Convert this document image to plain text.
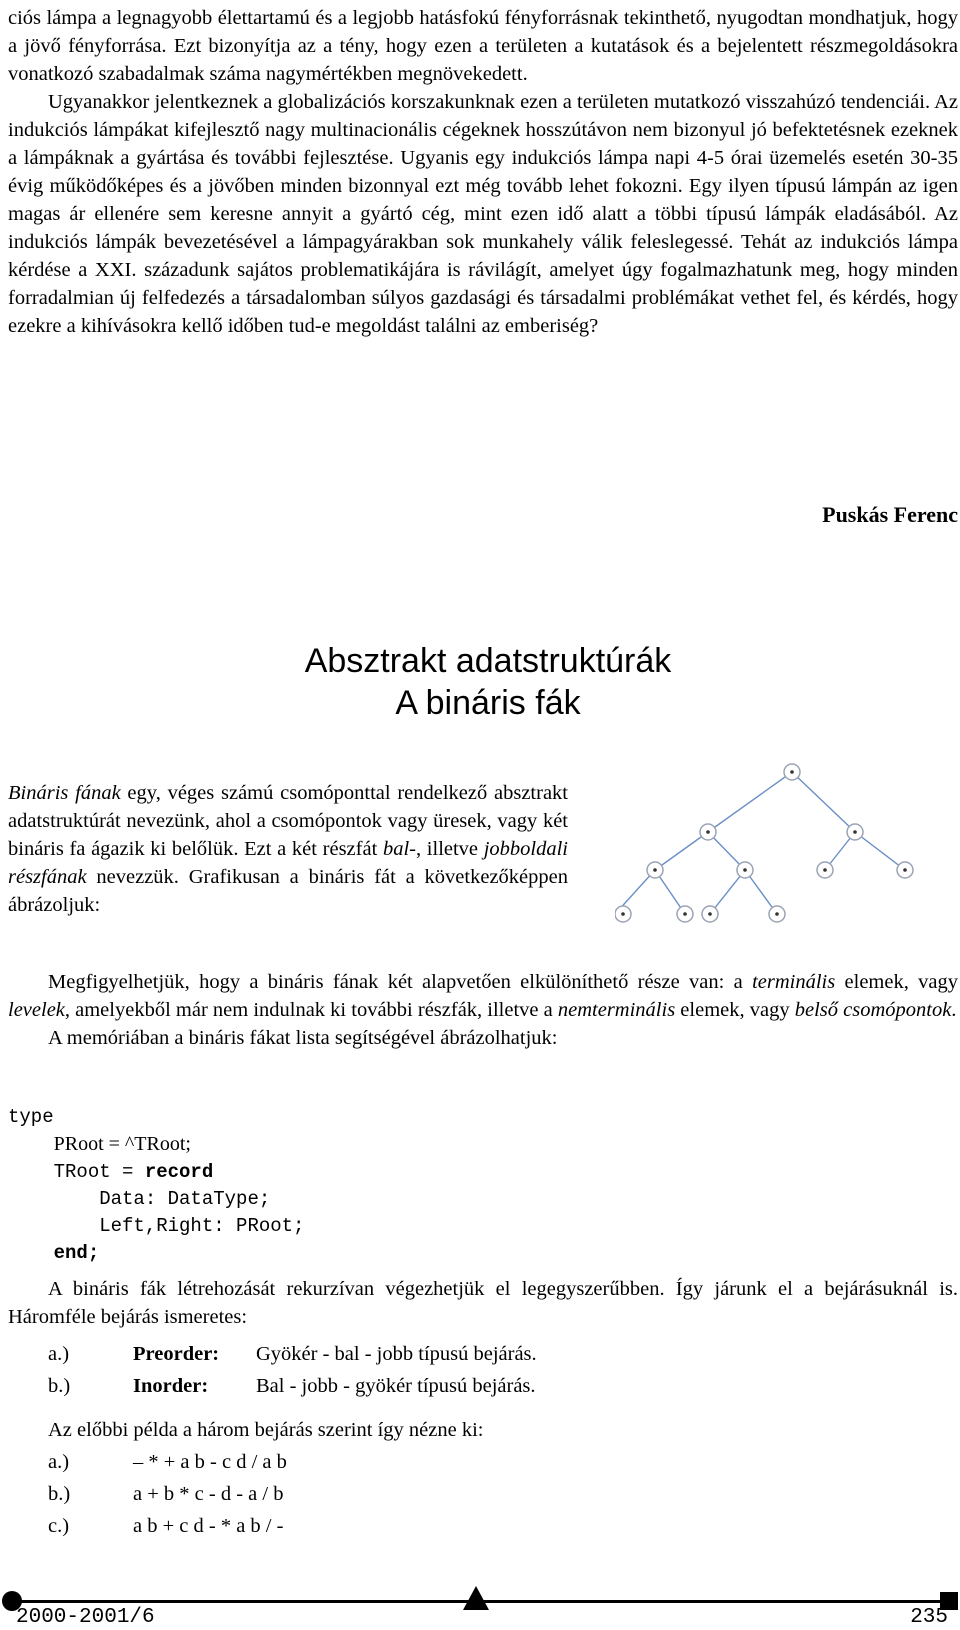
ciós lámpa a legnagyobb élettartamú és a legjobb hatásfokú fényforrásnak tekinthető, nyugodtan mondhatjuk, hogy a jövő fényforrása. Ezt bizonyítja az a tény, hogy ezen a területen a kutatások és a bejelentett részmegoldásokra vonatkozó szabadalmak száma nagymértékben megnövekedett.

Ugyanakkor jelentkeznek a globalizációs korszakunknak ezen a területen mutatkozó visszahúzó tendenciái. Az indukciós lámpákat kifejlesztő nagy multinacionális cégeknek hosszútávon nem bizonyul jó befektetésnek ezeknek a lámpáknak a gyártása és további fejlesztése. Ugyanis egy indukciós lámpa napi 4-5 órai üzemelés esetén 30-35 évig működőképes és a jövőben minden bizonnyal ezt még tovább lehet fokozni. Egy ilyen típusú lámpán az igen magas ár ellenére sem keresne annyit a gyártó cég, mint ezen idő alatt a többi típusú lámpák eladásából. Az indukciós lámpák bevezetésével a lámpagyárakban sok munkahely válik feleslegessé. Tehát az indukciós lámpa kérdése a XXI. századunk sajátos problematikájára is rávilágít, amelyet úgy fogalmazhatunk meg, hogy minden forradalmian új felfedezés a társadalomban súlyos gazdasági és társadalmi problémákat vethet fel, és kérdés, hogy ezekre a kihívásokra kellő időben tud-e megoldást találni az emberiség?

Puskás Ferenc
Absztrakt adatstruktúrák
A bináris fák

Bináris fának egy, véges számú csomóponttal rendelkező absztrakt adatstruktúrát nevezünk, ahol a csomópontok vagy üresek, vagy két bináris fa ágazik ki belőlük. Ezt a két részfát bal-, illetve jobboldali részfának nevezzük. Grafikusan a bináris fát a következőképpen ábrázoljuk:

Megfigyelhetjük, hogy a bináris fának két alapvetően elkülöníthető része van: a terminális elemek, vagy levelek, amelyekből már nem indulnak ki további részfák, illetve a nemterminális elemek, vagy belső csomópontok.

A memóriában a bináris fákat lista segítségével ábrázolhatjuk:

type
PRoot = ^TRoot;
TRoot = record
Data: DataType;
Left,Right: PRoot;
end;

A bináris fák létrehozását rekurzívan végezhetjük el legegyszerűbben. Így járunk el a bejárásuknál is. Háromféle bejárás ismeretes:

a.)	Preorder:	Gyökér - bal - jobb típusú bejárás.
b.)	Inorder:	Bal - jobb - gyökér típusú bejárás.

Az előbbi példa a három bejárás szerint így nézne ki:

a.)	– * + a b - c d / a b
b.)	a + b * c - d - a / b
c.)	a b + c d - * a b / -
2000-2001/6	235
